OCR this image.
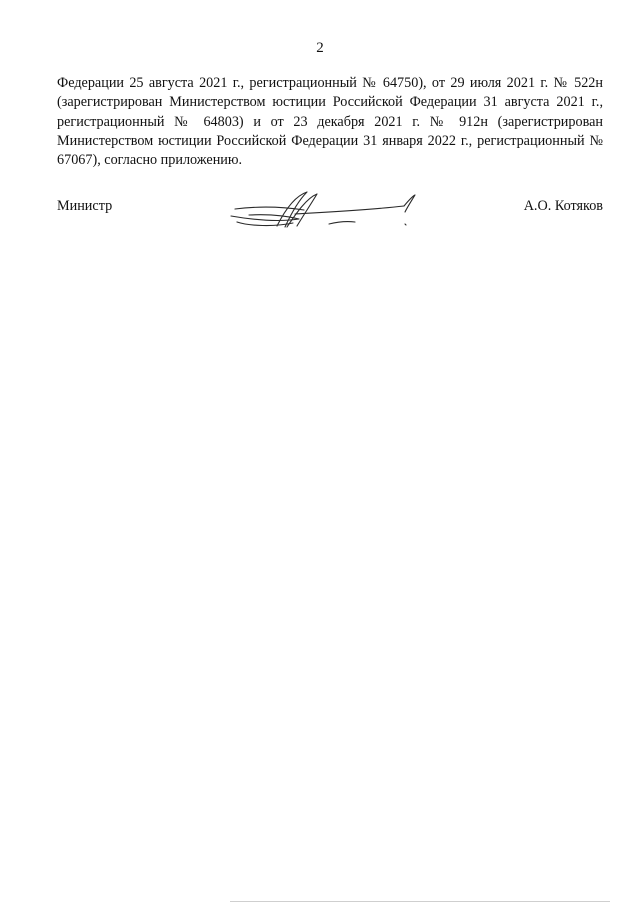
2

Федерации 25 августа 2021 г., регистрационный № 64750), от 29 июля 2021 г. № 522н (зарегистрирован Министерством юстиции Российской Федерации 31 августа 2021 г., регистрационный № 64803) и от 23 декабря 2021 г. № 912н (зарегистрирован Министерством юстиции Российской Федерации 31 января 2022 г., регистрационный № 67067), согласно приложению.

Министр	А.О. Котяков
